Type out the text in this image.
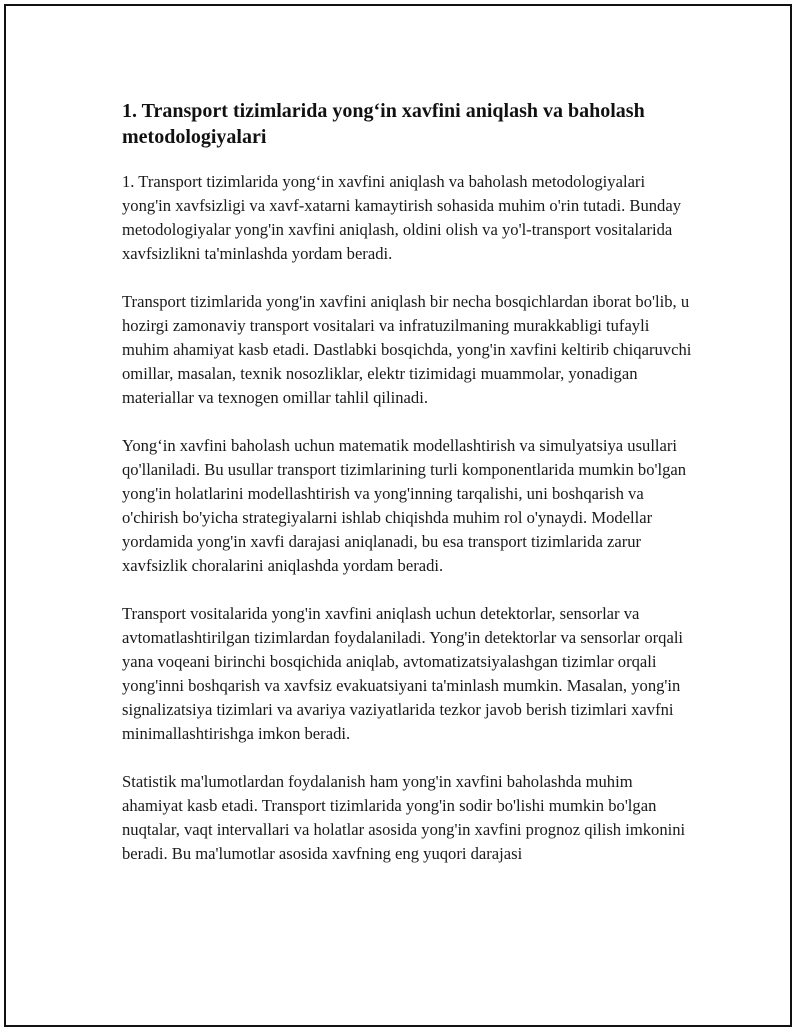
1. Transport tizimlarida yong‘in xavfini aniqlash va baholash metodologiyalari

1. Transport tizimlarida yong‘in xavfini aniqlash va baholash metodologiyalari yong'in xavfsizligi va xavf-xatarni kamaytirish sohasida muhim o'rin tutadi. Bunday metodologiyalar yong'in xavfini aniqlash, oldini olish va yo'l-transport vositalarida xavfsizlikni ta'minlashda yordam beradi.

Transport tizimlarida yong'in xavfini aniqlash bir necha bosqichlardan iborat bo'lib, u hozirgi zamonaviy transport vositalari va infratuzilmaning murakkabligi tufayli muhim ahamiyat kasb etadi. Dastlabki bosqichda, yong'in xavfini keltirib chiqaruvchi omillar, masalan, texnik nosozliklar, elektr tizimidagi muammolar, yonadigan materiallar va texnogen omillar tahlil qilinadi.

Yong‘in xavfini baholash uchun matematik modellashtirish va simulyatsiya usullari qo'llaniladi. Bu usullar transport tizimlarining turli komponentlarida mumkin bo'lgan yong'in holatlarini modellashtirish va yong'inning tarqalishi, uni boshqarish va o'chirish bo'yicha strategiyalarni ishlab chiqishda muhim rol o'ynaydi. Modellar yordamida yong'in xavfi darajasi aniqlanadi, bu esa transport tizimlarida zarur xavfsizlik choralarini aniqlashda yordam beradi.

Transport vositalarida yong'in xavfini aniqlash uchun detektorlar, sensorlar va avtomatlashtirilgan tizimlardan foydalaniladi. Yong'in detektorlar va sensorlar orqali yana voqeani birinchi bosqichida aniqlab, avtomatizatsiyalashgan tizimlar orqali yong'inni boshqarish va xavfsiz evakuatsiyani ta'minlash mumkin. Masalan, yong'in signalizatsiya tizimlari va avariya vaziyatlarida tezkor javob berish tizimlari xavfni minimallashtirishga imkon beradi.

Statistik ma'lumotlardan foydalanish ham yong'in xavfini baholashda muhim ahamiyat kasb etadi. Transport tizimlarida yong'in sodir bo'lishi mumkin bo'lgan nuqtalar, vaqt intervallari va holatlar asosida yong'in xavfini prognoz qilish imkonini beradi. Bu ma'lumotlar asosida xavfning eng yuqori darajasi
